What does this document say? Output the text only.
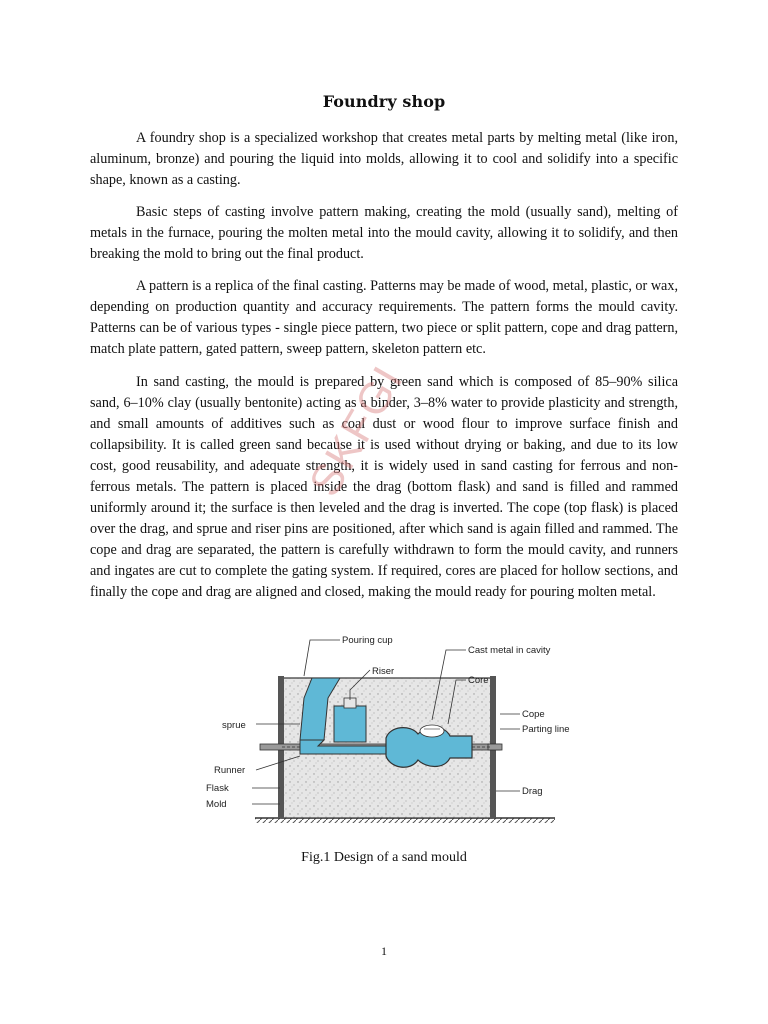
Foundry shop

A foundry shop is a specialized workshop that creates metal parts by melting metal (like iron, aluminum, bronze) and pouring the liquid into molds, allowing it to cool and solidify into a specific shape, known as a casting.

Basic steps of casting involve pattern making, creating the mold (usually sand), melting of metals in the furnace, pouring the molten metal into the mould cavity, allowing it to solidify, and then breaking the mold to bring out the final product.

A pattern is a replica of the final casting. Patterns may be made of wood, metal, plastic, or wax, depending on production quantity and accuracy requirements. The pattern forms the mould cavity. Patterns can be of various types - single piece pattern, two piece or split pattern, cope and drag pattern, match plate pattern, gated pattern, sweep pattern, skeleton pattern etc.

In sand casting, the mould is prepared by green sand which is composed of 85–90% silica sand, 6–10% clay (usually bentonite) acting as a binder, 3–8% water to provide plasticity and strength, and small amounts of additives such as coal dust or wood flour to improve surface finish and collapsibility. It is called green sand because it is used without drying or baking, and due to its low cost, good reusability, and adequate strength, it is widely used in sand casting for ferrous and non-ferrous metals. The pattern is placed inside the drag (bottom flask) and sand is filled and rammed uniformly around it; the surface is then leveled and the drag is inverted. The cope (top flask) is placed over the drag, and sprue and riser pins are positioned, after which sand is again filled and rammed. The cope and drag are separated, the pattern is carefully withdrawn to form the mould cavity, and runners and ingates are cut to complete the gating system. If required, cores are placed for hollow sections, and finally the cope and drag are aligned and closed, making the mould ready for pouring molten metal.

SKFGI
Pouring cup
Riser
Cast metal in cavity
Core
sprue
Cope
Parting line
Runner
Flask
Mold
Drag
Fig.1 Design of a sand mould
1
